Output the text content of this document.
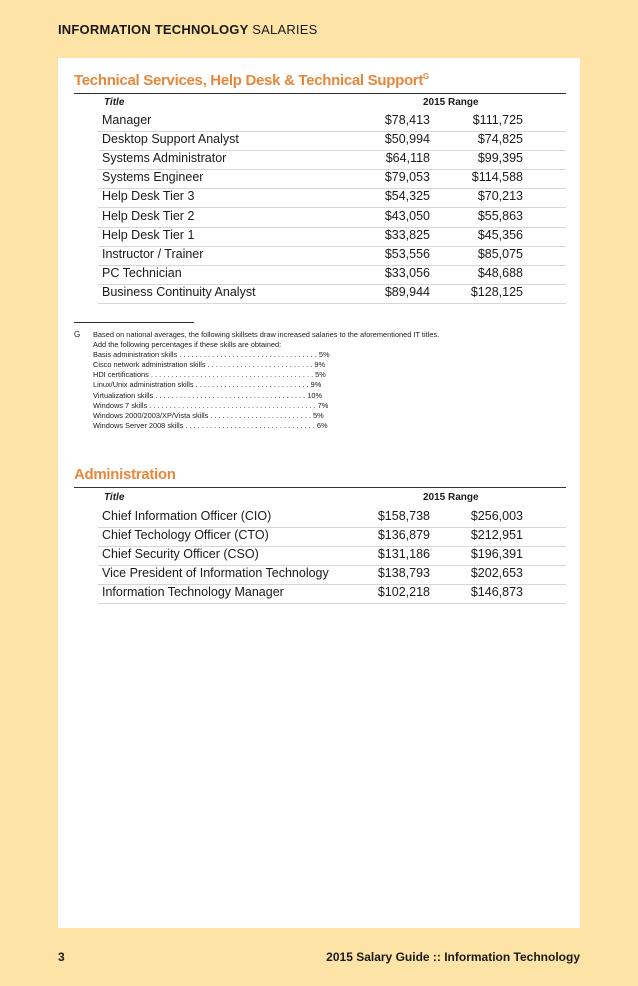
INFORMATION TECHNOLOGY SALARIES
Technical Services, Help Desk & Technical Support$^G$
Title	2015 Range
Manager	$78,413	$111,725
Desktop Support Analyst	$50,994	$74,825
Systems Administrator	$64,118	$99,395
Systems Engineer	$79,053	$114,588
Help Desk Tier 3	$54,325	$70,213
Help Desk Tier 2	$43,050	$55,863
Help Desk Tier 1	$33,825	$45,356
Instructor / Trainer	$53,556	$85,075
PC Technician	$33,056	$48,688
Business Continuity Analyst	$89,944	$128,125
G Based on national averages, the following skillsets draw increased salaries to the aforementioned IT titles.
Add the following percentages if these skills are obtained:
Basis administration skills . . . . . . . . . . . . . . . . . . . . . . . . . . . . . . . . . . 5%
Cisco network administration skills . . . . . . . . . . . . . . . . . . . . . . . . . . 9%
HDI certifications . . . . . . . . . . . . . . . . . . . . . . . . . . . . . . . . . . . . . . . . 5%
Linux/Unix administration skills . . . . . . . . . . . . . . . . . . . . . . . . . . . . 9%
Virtualization skills . . . . . . . . . . . . . . . . . . . . . . . . . . . . . . . . . . . . . 10%
Windows 7 skills . . . . . . . . . . . . . . . . . . . . . . . . . . . . . . . . . . . . . . . . . 7%
Windows 2000/2003/XP/Vista skills . . . . . . . . . . . . . . . . . . . . . . . . . 5%
Windows Server 2008 skills . . . . . . . . . . . . . . . . . . . . . . . . . . . . . . . . 6%
Administration
Title	2015 Range
Chief Information Officer (CIO)	$158,738	$256,003
Chief Techology Officer (CTO)	$136,879	$212,951
Chief Security Officer (CSO)	$131,186	$196,391
Vice President of Information Technology	$138,793	$202,653
Information Technology Manager	$102,218	$146,873
3	2015 Salary Guide :: Information Technology
